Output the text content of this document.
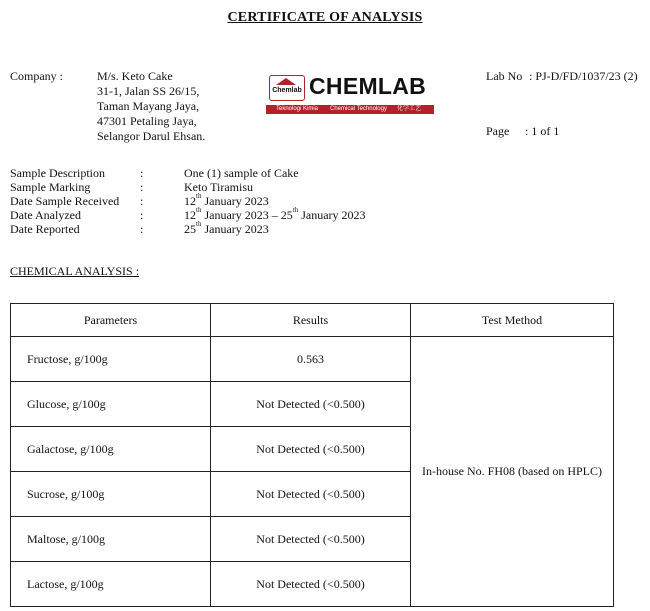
CERTIFICATE OF ANALYSIS
Company :	M/s. Keto Cake
31-1, Jalan SS 26/15,
Taman Mayang Jaya,
47301 Petaling Jaya,
Selangor Darul Ehsan.
Chemlab CHEMLAB
Teknologi Kimia Chemical Technology 化学工艺
Lab No : PJ-D/FD/1037/23 (2)
Page : 1 of 1
Sample Description	:	One (1) sample of Cake
Sample Marking	:	Keto Tiramisu
Date Sample Received :	12th January 2023
Date Analyzed	:	12th January 2023 – 25th January 2023
Date Reported	:	25th January 2023
CHEMICAL ANALYSIS :
Parameters	Results	Test Method
Fructose, g/100g	0.563	In-house No. FH08 (based on HPLC)
Glucose, g/100g	Not Detected (<0.500)	
Galactose, g/100g	Not Detected (<0.500)	
Sucrose, g/100g	Not Detected (<0.500)	
Maltose, g/100g	Not Detected (<0.500)	
Lactose, g/100g	Not Detected (<0.500)	
